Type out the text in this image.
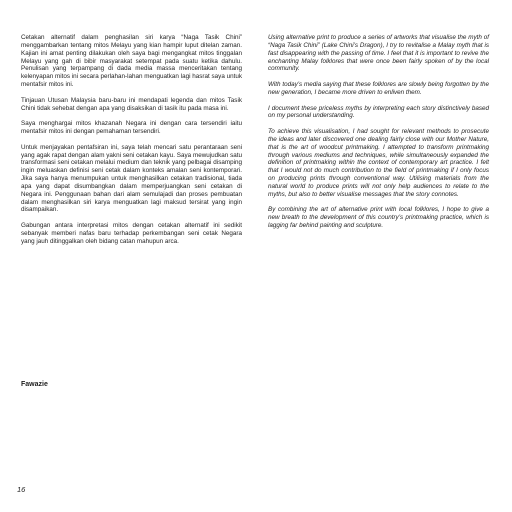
Cetakan alternatif dalam penghasilan siri karya “Naga Tasik Chini” menggambarkan tentang mitos Melayu yang kian hampir luput ditelan zaman. Kajian ini amat penting dilakukan oleh saya bagi mengangkat mitos tinggalan Melayu yang gah di bibir masyarakat setempat pada suatu ketika dahulu. Penulisan yang terpampang di dada media massa menceritakan tentang kelenyapan mitos ini secara perlahan-lahan menguatkan lagi hasrat saya untuk mentafsir mitos ini.

Tinjauan Utusan Malaysia baru-baru ini mendapati legenda dan mitos Tasik Chini tidak sehebat dengan apa yang disaksikan di tasik itu pada masa ini.

Saya menghargai mitos khazanah Negara ini dengan cara tersendiri iaitu mentafsir mitos ini dengan pemahaman tersendiri.

Untuk menjayakan pentafsiran ini, saya telah mencari satu perantaraan seni yang agak rapat dengan alam yakni seni cetakan kayu. Saya mewujudkan satu transformasi seni cetakan melalui medium dan teknik yang pelbagai disamping ingin meluaskan definisi seni cetak dalam konteks amalan seni kontemporari. Jika saya hanya menumpukan untuk menghasilkan cetakan tradisional, tiada apa yang dapat disumbangkan dalam memperjuangkan seni cetakan di Negara ini. Penggunaan bahan dari alam semulajadi dan proses pembuatan dalam menghasilkan siri karya menguatkan lagi maksud tersirat yang ingin disampaikan.

Gabungan antara interpretasi mitos dengan cetakan alternatif ini sedikit sebanyak memberi nafas baru terhadap perkembangan seni cetak Negara yang jauh ditinggalkan oleh bidang catan mahupun arca.

Using alternative print to produce a series of artworks that visualise the myth of “Naga Tasik Chini” (Lake Chini’s Dragon), I try to revitalise a Malay myth that is fast disappearing with the passing of time. I feel that it is important to revive the enchanting Malay folklores that were once been fairly spoken of by the local community.

With today’s media saying that these folklores are slowly being forgotten by the new generation, I became more driven to enliven them.

I document these priceless myths by interpreting each story distinctively based on my personal understanding.

To achieve this visualisation, I had sought for relevant methods to prosecute the ideas and later discovered one dealing fairly close with our Mother Nature, that is the art of woodcut printmaking. I attempted to transform printmaking through various mediums and techniques, while simultaneously expanded the definition of printmaking within the context of contemporary art practice. I felt that I would not do much contribution to the field of printmaking if I only focus on producing prints through conventional way. Utilising materials from the natural world to produce prints will not only help audiences to relate to the myths, but also to better visualise messages that the story connotes.

By combining the art of alternative print with local folklores, I hope to give a new breath to the development of this country’s printmaking practice, which is lagging far behind painting and sculpture.

Fawazie

16
